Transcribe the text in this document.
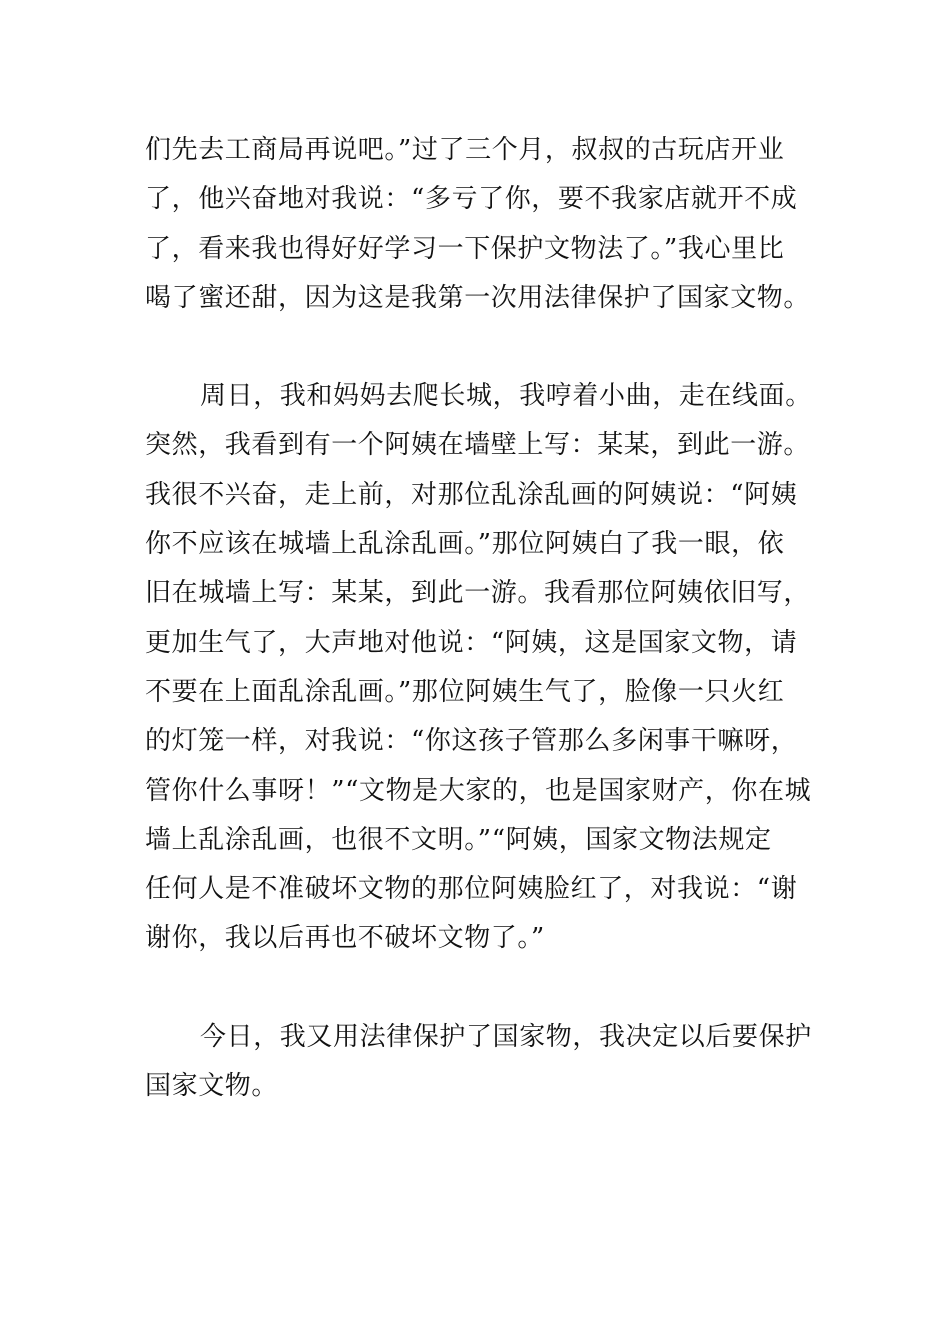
们先去工商局再说吧。”过了三个月，叔叔的古玩店开业
了，他兴奋地对我说：“多亏了你，要不我家店就开不成
了，看来我也得好好学习一下保护文物法了。”我心里比
喝了蜜还甜，因为这是我第一次用法律保护了国家文物。

周日，我和妈妈去爬长城，我哼着小曲，走在线面。
突然，我看到有一个阿姨在墙壁上写：某某，到此一游。
我很不兴奋，走上前，对那位乱涂乱画的阿姨说：“阿姨
你不应该在城墙上乱涂乱画。”那位阿姨白了我一眼，依
旧在城墙上写：某某，到此一游。我看那位阿姨依旧写，
更加生气了，大声地对他说：“阿姨，这是国家文物，请
不要在上面乱涂乱画。”那位阿姨生气了，脸像一只火红
的灯笼一样，对我说：“你这孩子管那么多闲事干嘛呀，
管你什么事呀！”“文物是大家的，也是国家财产，你在城
墙上乱涂乱画，也很不文明。”“阿姨，国家文物法规定
任何人是不准破坏文物的那位阿姨脸红了，对我说：“谢
谢你，我以后再也不破坏文物了。”

今日，我又用法律保护了国家物，我决定以后要保护
国家文物。
